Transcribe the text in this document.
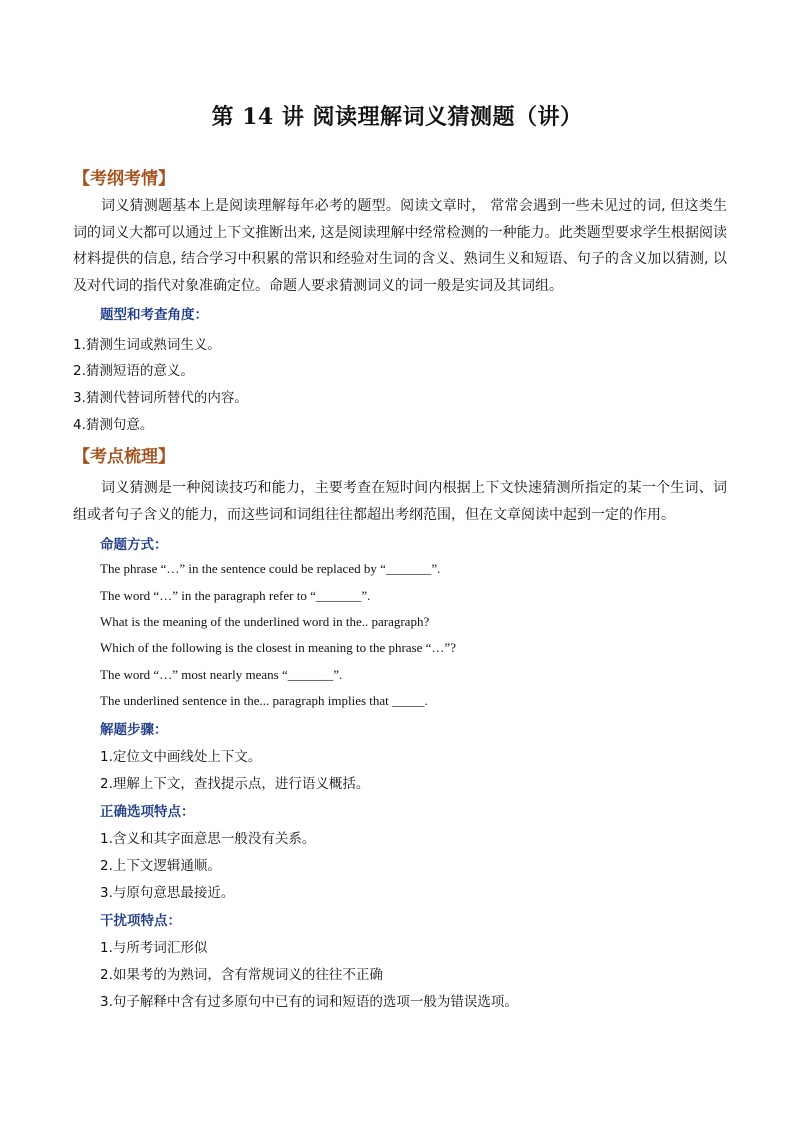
第 14 讲 阅读理解词义猜测题（讲）
【考纲考情】
词义猜测题基本上是阅读理解每年必考的题型。阅读文章时， 常常会遇到一些未见过的词, 但这类生词的词义大都可以通过上下文推断出来, 这是阅读理解中经常检测的一种能力。此类题型要求学生根据阅读材料提供的信息, 结合学习中积累的常识和经验对生词的含义、熟词生义和短语、句子的含义加以猜测, 以及对代词的指代对象准确定位。命题人要求猜测词义的词一般是实词及其词组。
题型和考查角度：
1.猜测生词或熟词生义。
2.猜测短语的意义。
3.猜测代替词所替代的内容。
4.猜测句意。
【考点梳理】
词义猜测是一种阅读技巧和能力，主要考查在短时间内根据上下文快速猜测所指定的某一个生词、词组或者句子含义的能力，而这些词和词组往往都超出考纲范围，但在文章阅读中起到一定的作用。
命题方式：
The phrase “…” in the sentence could be replaced by “_______”.
The word “…” in the paragraph refer to “_______”.
What is the meaning of the underlined word in the.. paragraph?
Which of the following is the closest in meaning to the phrase “…”?
The word “…” most nearly means “_______”.
The underlined sentence in the... paragraph implies that _____.
解题步骤：
1.定位文中画线处上下文。
2.理解上下文，查找提示点，进行语义概括。
正确选项特点：
1.含义和其字面意思一般没有关系。
2.上下文逻辑通顺。
3.与原句意思最接近。
干扰项特点：
1.与所考词汇形似
2.如果考的为熟词，含有常规词义的往往不正确
3.句子解释中含有过多原句中已有的词和短语的选项一般为错误选项。
